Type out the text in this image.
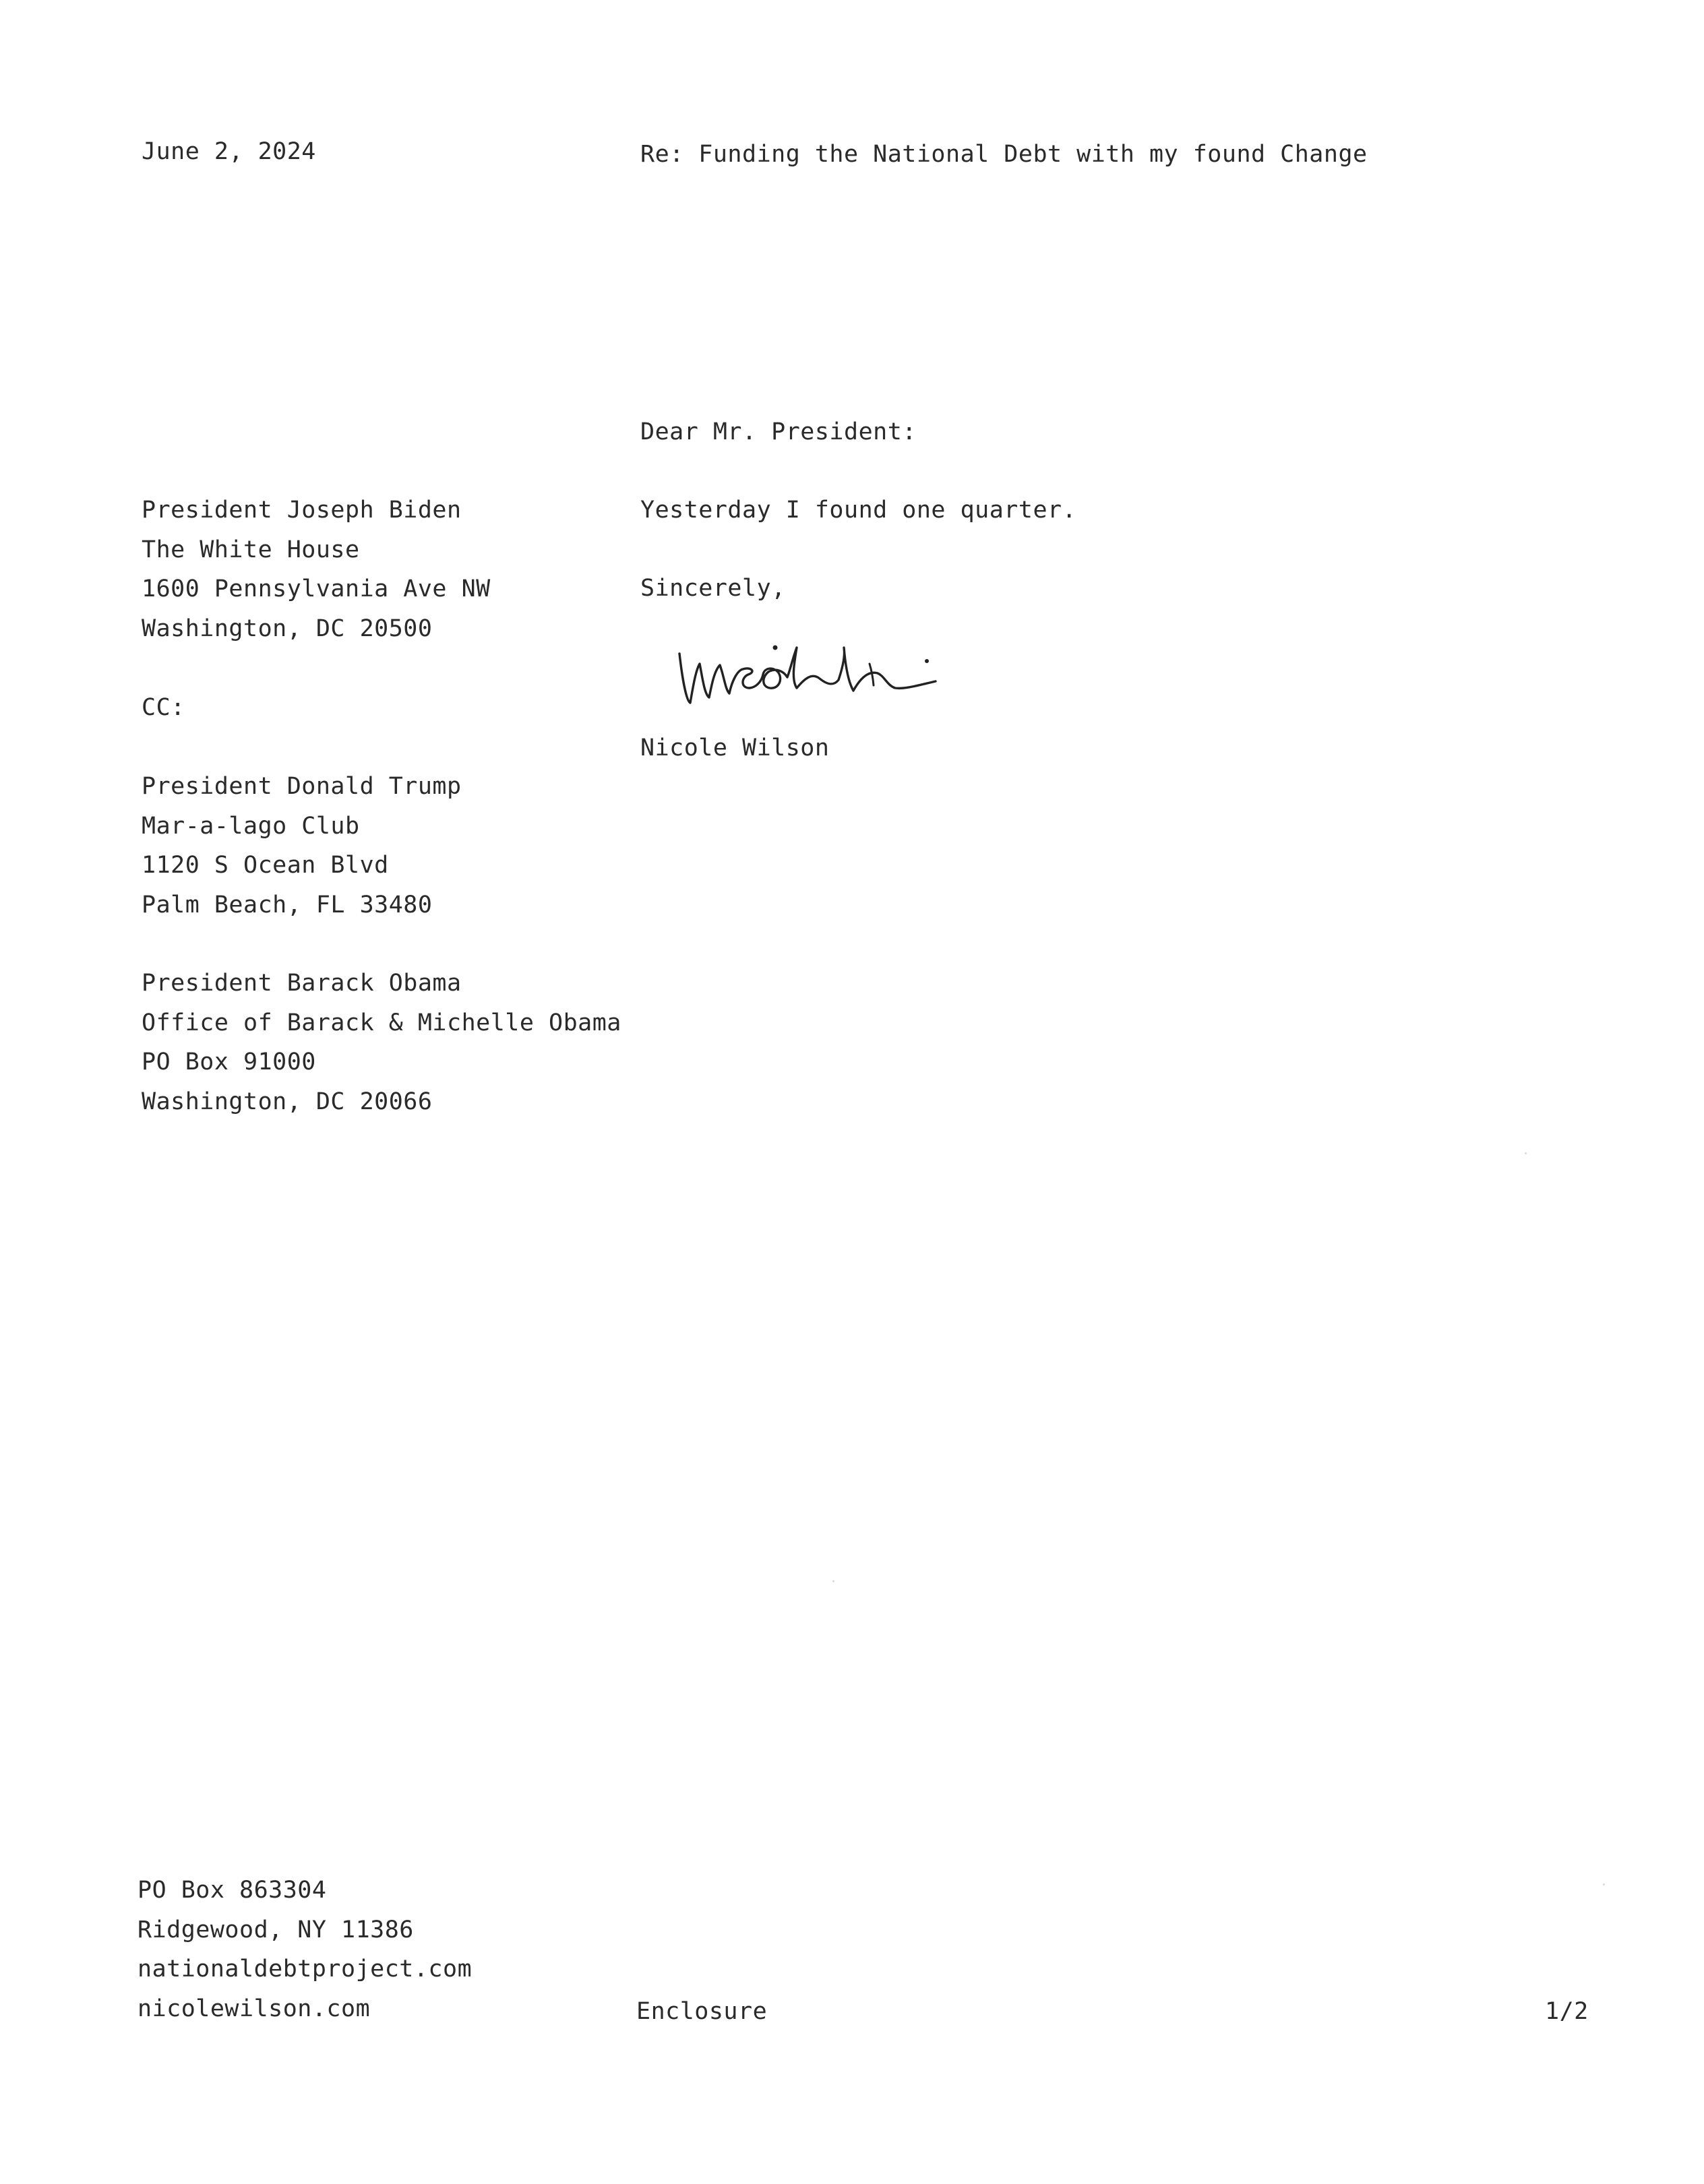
June 2, 2024	Re: Funding the National Debt with my found Change
Dear Mr. President:
Yesterday I found one quarter.
Sincerely,
Nicole Wilson
President Joseph Biden
The White House
1600 Pennsylvania Ave NW
Washington, DC 20500
CC:
President Donald Trump
Mar-a-lago Club
1120 S Ocean Blvd
Palm Beach, FL 33480
President Barack Obama
Office of Barack & Michelle Obama
PO Box 91000
Washington, DC 20066
PO Box 863304
Ridgewood, NY 11386
nationaldebtproject.com
nicolewilson.com	Enclosure	1/2
